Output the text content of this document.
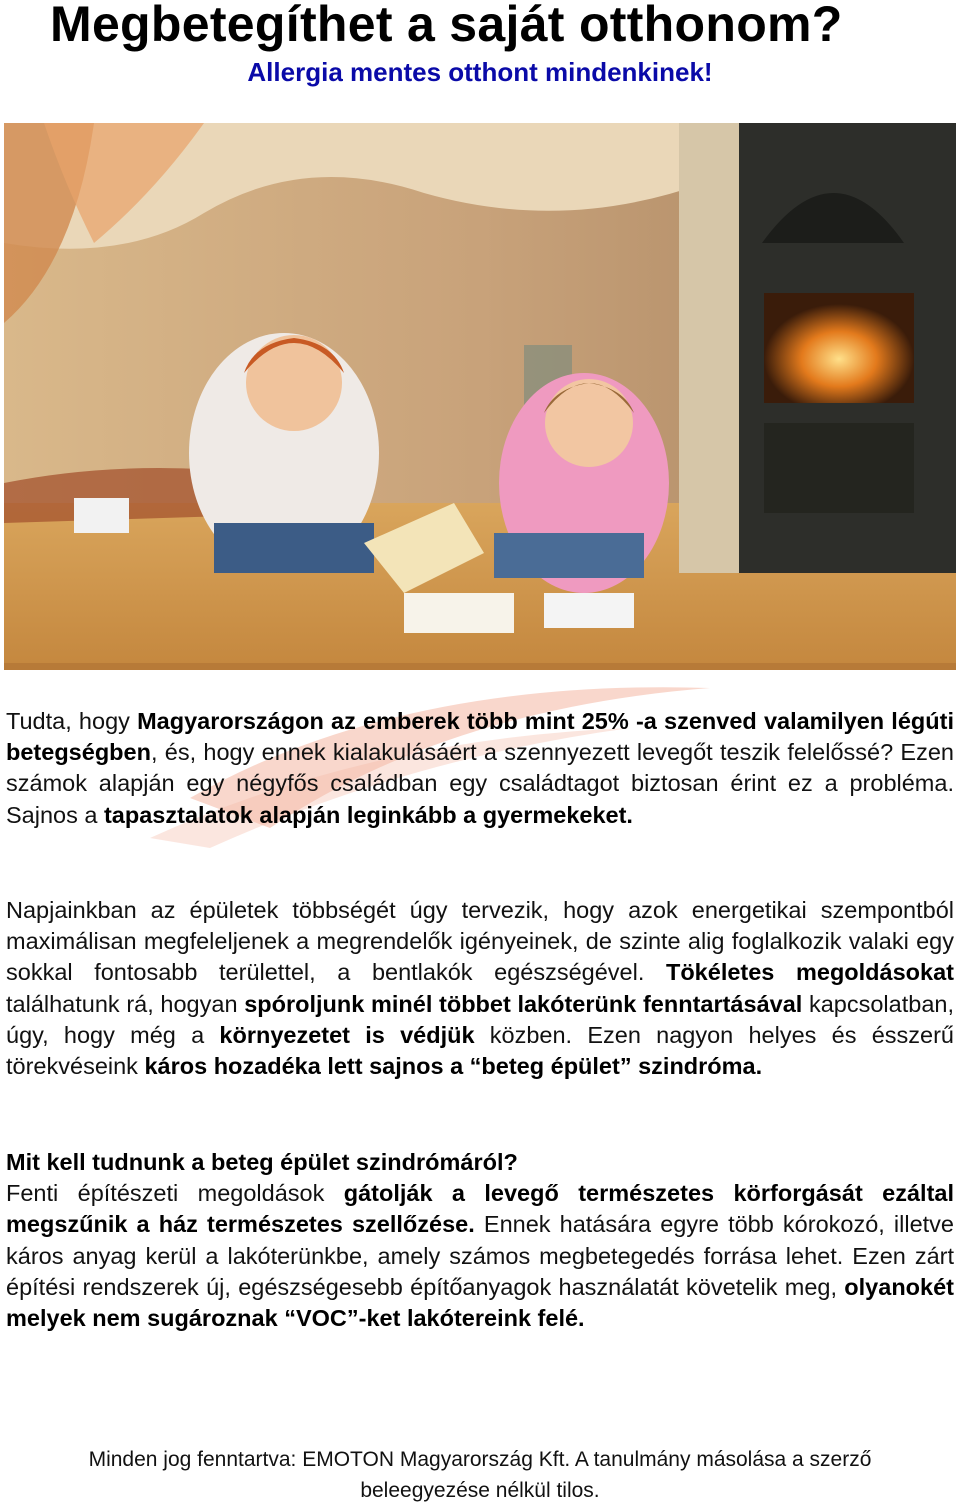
Megbetegíthet a saját otthonom?
Allergia mentes otthont mindenkinek!
Tudta, hogy Magyarországon az emberek több mint 25% -a szenved valamilyen légúti betegségben, és, hogy ennek kialakulásáért a szennyezett levegőt teszik felelőssé? Ezen számok alapján egy négyfős családban egy családtagot biztosan érint ez a probléma. Sajnos a tapasztalatok alapján leginkább a gyermekeket.
Napjainkban az épületek többségét úgy tervezik, hogy azok energetikai szempontból maximálisan megfeleljenek a megrendelők igényeinek, de szinte alig foglalkozik valaki egy sokkal fontosabb területtel, a bentlakók egészségével. Tökéletes megoldásokat találhatunk rá, hogyan spóroljunk minél többet lakóterünk fenntartásával kapcsolatban, úgy, hogy még a környezetet is védjük közben. Ezen nagyon helyes és ésszerű törekvéseink káros hozadéka lett sajnos a “beteg épület” szindróma.
Mit kell tudnunk a beteg épület szindrómáról?
Fenti építészeti megoldások gátolják a levegő természetes körforgását ezáltal megszűnik a ház természetes szellőzése. Ennek hatására egyre több kórokozó, illetve káros anyag kerül a lakóterünkbe, amely számos megbetegedés forrása lehet. Ezen zárt építési rendszerek új, egészségesebb építőanyagok használatát követelik meg, olyanokét melyek nem sugároznak “VOC”-ket lakótereink felé.
Minden jog fenntartva: EMOTON Magyarország Kft. A tanulmány másolása a szerző
beleegyezése nélkül tilos.
